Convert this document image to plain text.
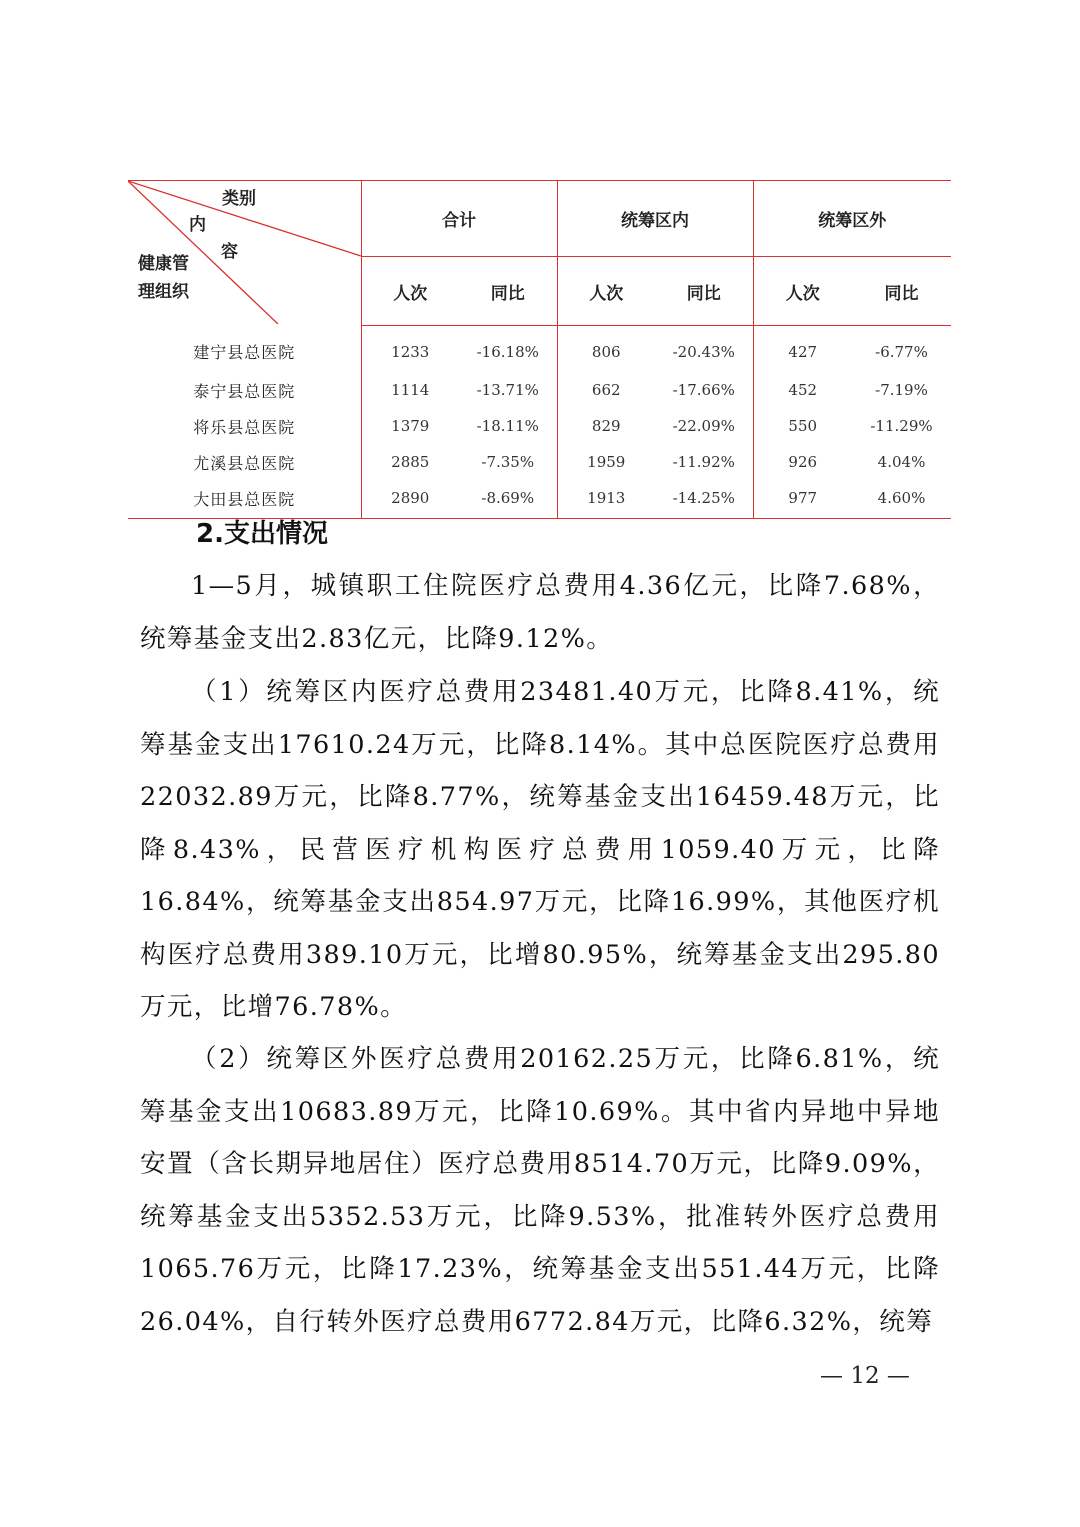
类别
内
容
健康管
理组织	合计		统筹区内		统筹区外	
	人次	同比	人次	同比	人次	同比
建宁县总医院	1233	-16.18%	806	-20.43%	427	-6.77%
泰宁县总医院	1114	-13.71%	662	-17.66%	452	-7.19%
将乐县总医院	1379	-18.11%	829	-22.09%	550	-11.29%
尤溪县总医院	2885	-7.35%	1959	-11.92%	926	4.04%
大田县总医院	2890	-8.69%	1913	-14.25%	977	4.60%
2.支出情况

1—5月，城镇职工住院医疗总费用4.36亿元，比降7.68%，统筹基金支出2.83亿元，比降9.12%。

（1）统筹区内医疗总费用23481.40万元，比降8.41%，统筹基金支出17610.24万元，比降8.14%。其中总医院医疗总费用22032.89万元，比降8.77%，统筹基金支出16459.48万元，比降8.43%，民营医疗机构医疗总费用1059.40万元，比降16.84%，统筹基金支出854.97万元，比降16.99%，其他医疗机构医疗总费用389.10万元，比增80.95%，统筹基金支出295.80万元，比增76.78%。

（2）统筹区外医疗总费用20162.25万元，比降6.81%，统筹基金支出10683.89万元，比降10.69%。其中省内异地中异地安置（含长期异地居住）医疗总费用8514.70万元，比降9.09%，统筹基金支出5352.53万元，比降9.53%，批准转外医疗总费用1065.76万元，比降17.23%，统筹基金支出551.44万元，比降26.04%，自行转外医疗总费用6772.84万元，比降6.32%，统筹

— 12 —
